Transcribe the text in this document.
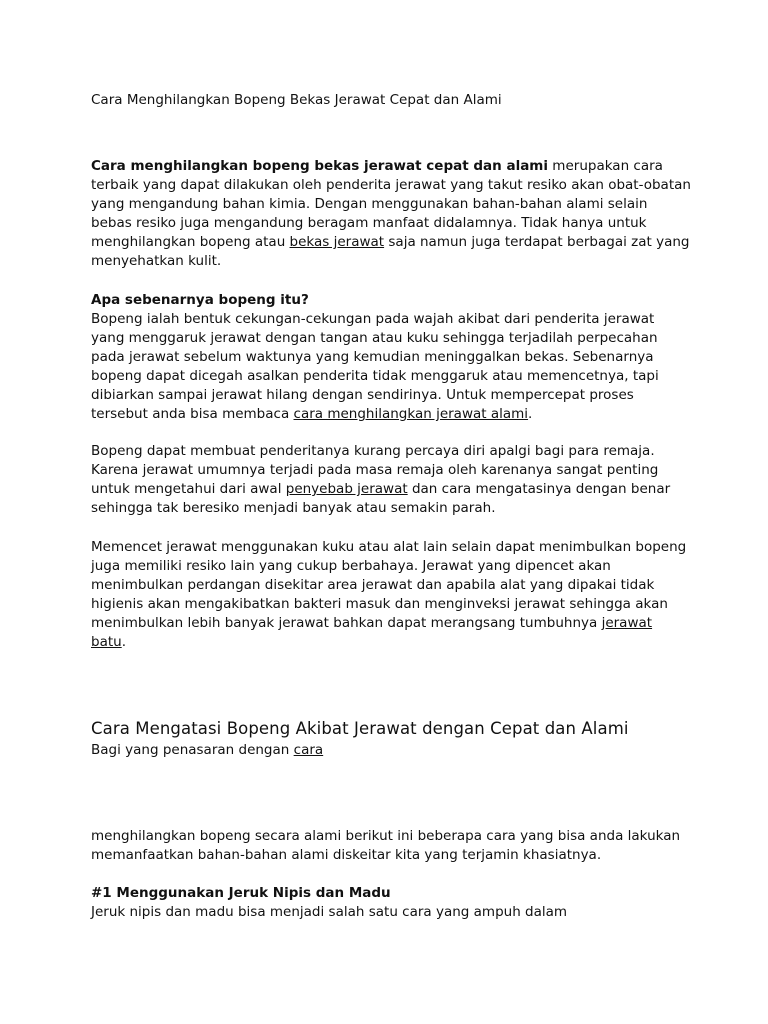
Cara Menghilangkan Bopeng Bekas Jerawat Cepat dan Alami

Cara menghilangkan bopeng bekas jerawat cepat dan alami merupakan cara terbaik yang dapat dilakukan oleh penderita jerawat yang takut resiko akan obat-obatan yang mengandung bahan kimia. Dengan menggunakan bahan-bahan alami selain bebas resiko juga mengandung beragam manfaat didalamnya. Tidak hanya untuk menghilangkan bopeng atau bekas jerawat saja namun juga terdapat berbagai zat yang menyehatkan kulit.

Apa sebenarnya bopeng itu?

Bopeng ialah bentuk cekungan-cekungan pada wajah akibat dari penderita jerawat yang menggaruk jerawat dengan tangan atau kuku sehingga terjadilah perpecahan pada jerawat sebelum waktunya yang kemudian meninggalkan bekas. Sebenarnya bopeng dapat dicegah asalkan penderita tidak menggaruk atau memencetnya, tapi dibiarkan sampai jerawat hilang dengan sendirinya. Untuk mempercepat proses tersebut anda bisa membaca cara menghilangkan jerawat alami.

Bopeng dapat membuat penderitanya kurang percaya diri apalgi bagi para remaja. Karena jerawat umumnya terjadi pada masa remaja oleh karenanya sangat penting untuk mengetahui dari awal penyebab jerawat dan cara mengatasinya dengan benar sehingga tak beresiko menjadi banyak atau semakin parah.

Memencet jerawat menggunakan kuku atau alat lain selain dapat menimbulkan bopeng juga memiliki resiko lain yang cukup berbahaya. Jerawat yang dipencet akan menimbulkan perdangan disekitar area jerawat dan apabila alat yang dipakai tidak higienis akan mengakibatkan bakteri masuk dan menginveksi jerawat sehingga akan menimbulkan lebih banyak jerawat bahkan dapat merangsang tumbuhnya jerawat batu.

Cara Mengatasi Bopeng Akibat Jerawat dengan Cepat dan Alami

Bagi yang penasaran dengan cara

menghilangkan bopeng secara alami berikut ini beberapa cara yang bisa anda lakukan memanfaatkan bahan-bahan alami diskeitar kita yang terjamin khasiatnya.

#1 Menggunakan Jeruk Nipis dan Madu

Jeruk nipis dan madu bisa menjadi salah satu cara yang ampuh dalam
